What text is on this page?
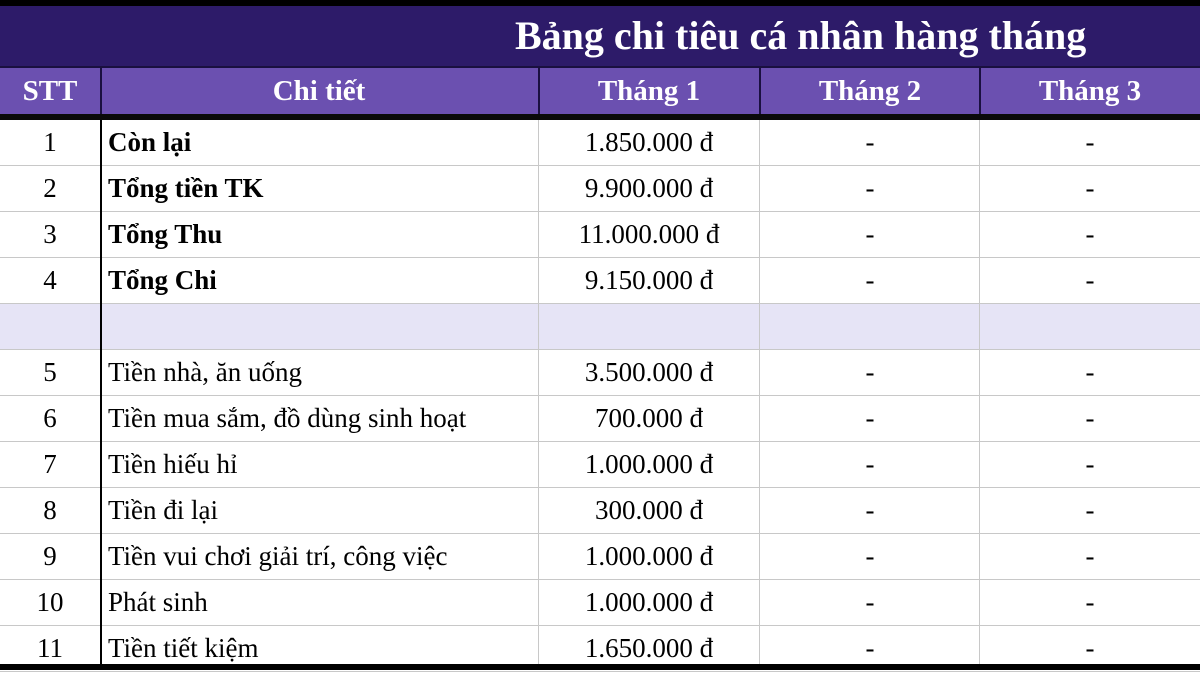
Bảng chi tiêu cá nhân hàng tháng
STT	Chi tiết	Tháng 1	Tháng 2	Tháng 3
1	Còn lại	1.850.000 đ	-	-
2	Tổng tiền TK	9.900.000 đ	-	-
3	Tổng Thu	11.000.000 đ	-	-
4	Tổng Chi	9.150.000 đ	-	-
5	Tiền nhà, ăn uống	3.500.000 đ	-	-
6	Tiền mua sắm, đồ dùng sinh hoạt	700.000 đ	-	-
7	Tiền hiếu hỉ	1.000.000 đ	-	-
8	Tiền đi lại	300.000 đ	-	-
9	Tiền vui chơi giải trí, công việc	1.000.000 đ	-	-
10	Phát sinh	1.000.000 đ	-	-
11	Tiền tiết kiệm	1.650.000 đ	-	-
